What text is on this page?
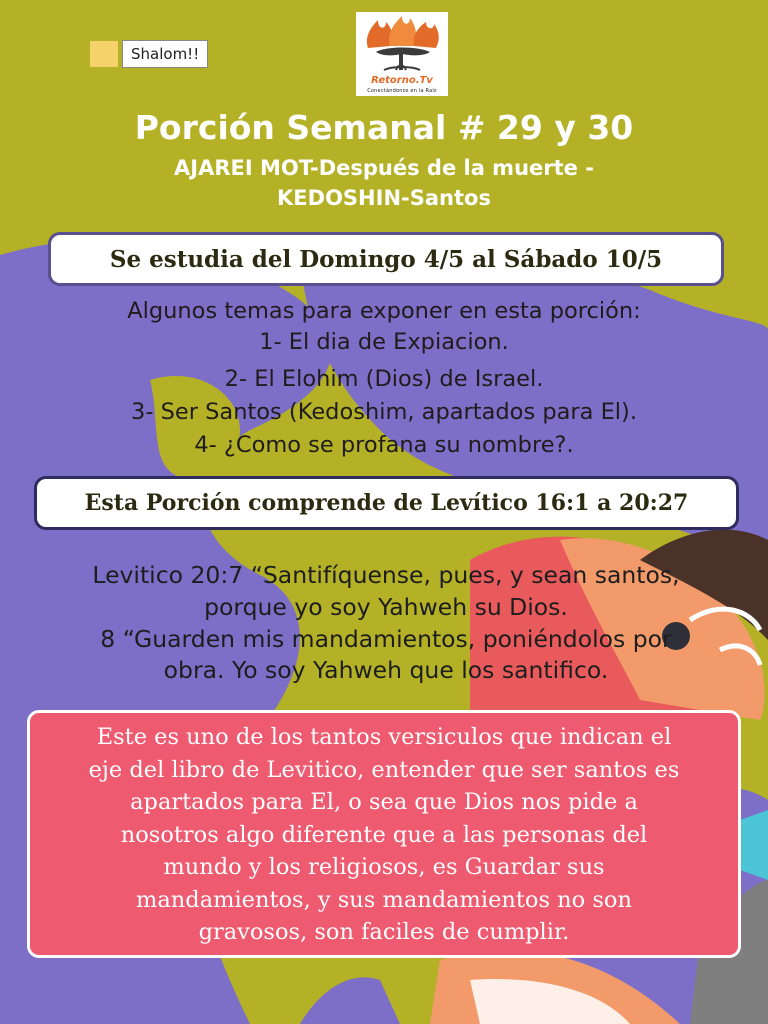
Shalom!!
Retorno.Tv
Conectándonos en la Raíz
Porción Semanal # 29 y 30
AJAREI MOT-Después de la muerte -
KEDOSHIN-Santos
Se estudia del Domingo 4/5 al Sábado 10/5
Algunos temas para exponer en esta porción:
1- El dia de Expiacion.
2- El Elohim (Dios) de Israel.
3- Ser Santos (Kedoshim, apartados para El).
4- ¿Como se profana su nombre?.
Esta Porción comprende de Levítico 16:1 a 20:27
Levitico 20:7 “Santifíquense, pues, y sean santos,
porque yo soy Yahweh su Dios.
8 “Guarden mis mandamientos, poniéndolos por
obra. Yo soy Yahweh que los santifico.
Este es uno de los tantos versiculos que indican el
eje del libro de Levitico, entender que ser santos es
apartados para El, o sea que Dios nos pide a
nosotros algo diferente que a las personas del
mundo y los religiosos, es Guardar sus
mandamientos, y sus mandamientos no son
gravosos, son faciles de cumplir.
